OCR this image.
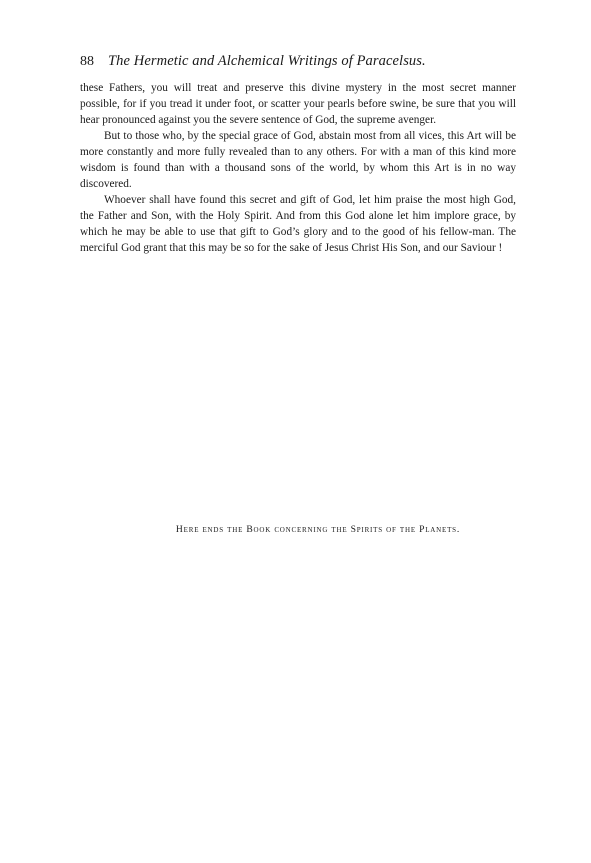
88 The Hermetic and Alchemical Writings of Paracelsus.

these Fathers, you will treat and preserve this divine mystery in the most secret manner possible, for if you tread it under foot, or scatter your pearls before swine, be sure that you will hear pronounced against you the severe sentence of God, the supreme avenger.

But to those who, by the special grace of God, abstain most from all vices, this Art will be more constantly and more fully revealed than to any others. For with a man of this kind more wisdom is found than with a thousand sons of the world, by whom this Art is in no way discovered.

Whoever shall have found this secret and gift of God, let him praise the most high God, the Father and Son, with the Holy Spirit. And from this God alone let him implore grace, by which he may be able to use that gift to God’s glory and to the good of his fellow-man. The merciful God grant that this may be so for the sake of Jesus Christ His Son, and our Saviour !

Here ends the Book concerning the Spirits of the Planets.
